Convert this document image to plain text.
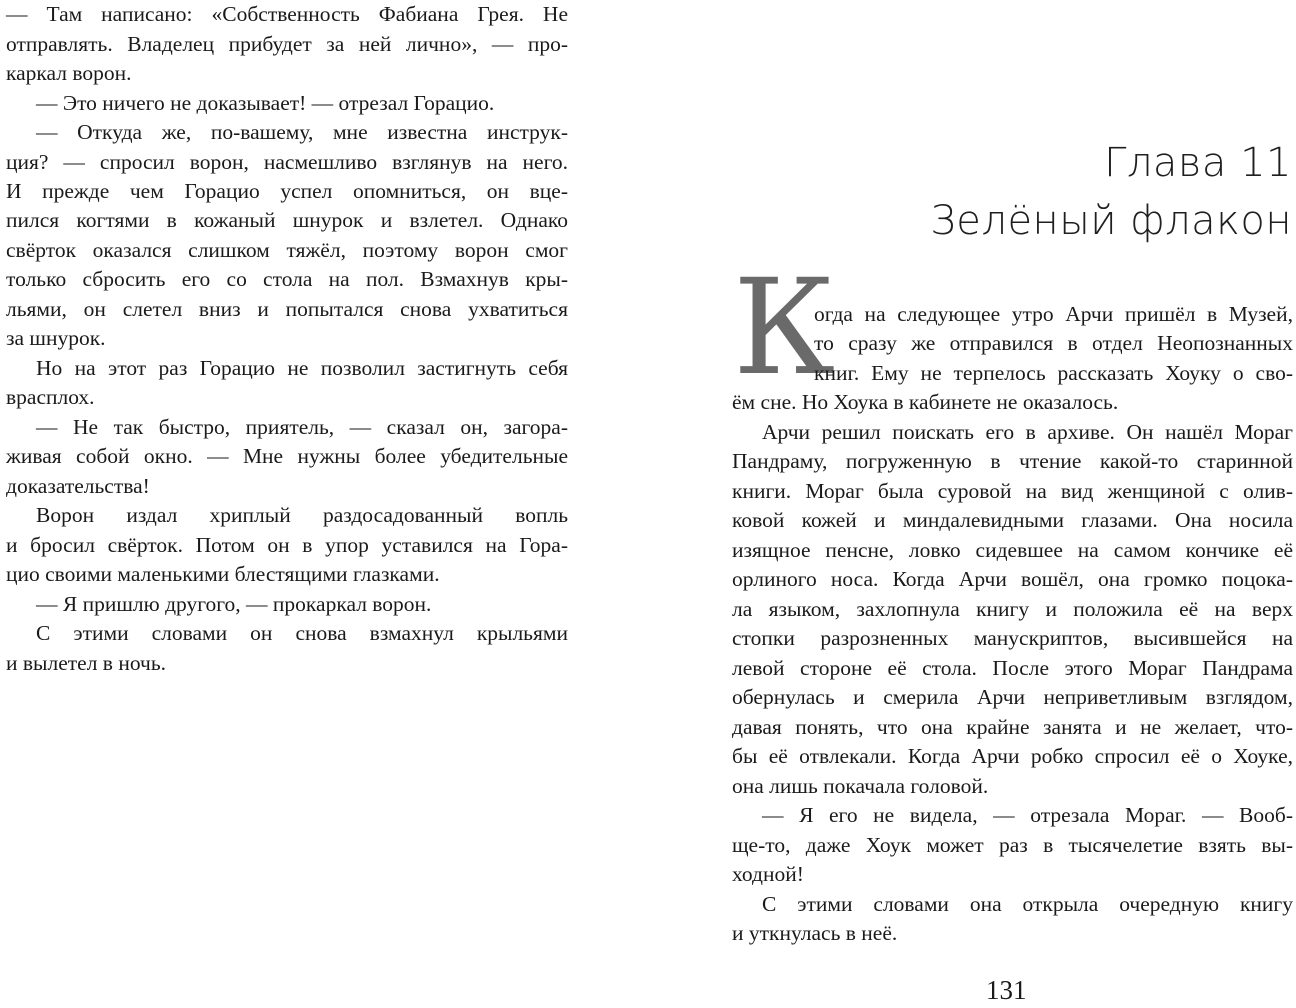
— Там написано: «Собственность Фабиана Грея. Не
отправлять. Владелец прибудет за ней лично», — про-
каркал ворон.
— Это ничего не доказывает! — отрезал Горацио.
— Откуда же, по-вашему, мне известна инструк-
ция? — спросил ворон, насмешливо взглянув на него.
И прежде чем Горацио успел опомниться, он вце-
пился когтями в кожаный шнурок и взлетел. Однако
свёрток оказался слишком тяжёл, поэтому ворон смог
только сбросить его со стола на пол. Взмахнув кры-
льями, он слетел вниз и попытался снова ухватиться
за шнурок.
Но на этот раз Горацио не позволил застигнуть себя
врасплох.
— Не так быстро, приятель, — сказал он, загора-
живая собой окно. — Мне нужны более убедительные
доказательства!
Ворон издал хриплый раздосадованный вопль
и бросил свёрток. Потом он в упор уставился на Гора-
цио своими маленькими блестящими глазками.
— Я пришлю другого, — прокаркал ворон.
С этими словами он снова взмахнул крыльями
и вылетел в ночь.
Глава 11
Зелёный флакон
К
огда на следующее утро Арчи пришёл в Музей,
то сразу же отправился в отдел Неопознанных
книг. Ему не терпелось рассказать Хоуку о сво-
ём сне. Но Хоука в кабинете не оказалось.
Арчи решил поискать его в архиве. Он нашёл Мораг
Пандраму, погруженную в чтение какой-то старинной
книги. Мораг была суровой на вид женщиной с олив-
ковой кожей и миндалевидными глазами. Она носила
изящное пенсне, ловко сидевшее на самом кончике её
орлиного носа. Когда Арчи вошёл, она громко поцока-
ла языком, захлопнула книгу и положила её на верх
стопки разрозненных манускриптов, высившейся на
левой стороне её стола. После этого Мораг Пандрама
обернулась и смерила Арчи неприветливым взглядом,
давая понять, что она крайне занята и не желает, что-
бы её отвлекали. Когда Арчи робко спросил её о Хоуке,
она лишь покачала головой.
— Я его не видела, — отрезала Мораг. — Вооб-
ще-то, даже Хоук может раз в тысячелетие взять вы-
ходной!
С этими словами она открыла очередную книгу
и уткнулась в неё.
131
